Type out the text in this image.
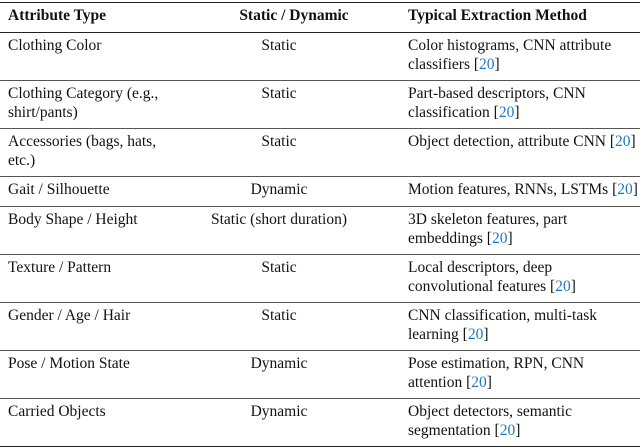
Attribute Type	Static / Dynamic	Typical Extraction Method
Clothing Color	Static	Color histograms, CNN attribute classifiers [20]
Clothing Category (e.g., shirt/pants)	Static	Part-based descriptors, CNN classification [20]
Accessories (bags, hats, etc.)	Static	Object detection, attribute CNN [20]
Gait / Silhouette	Dynamic	Motion features, RNNs, LSTMs [20]
Body Shape / Height	Static (short duration)	3D skeleton features, part embeddings [20]
Texture / Pattern	Static	Local descriptors, deep convolutional features [20]
Gender / Age / Hair	Static	CNN classification, multi-task learning [20]
Pose / Motion State	Dynamic	Pose estimation, RPN, CNN attention [20]
Carried Objects	Dynamic	Object detectors, semantic segmentation [20]
